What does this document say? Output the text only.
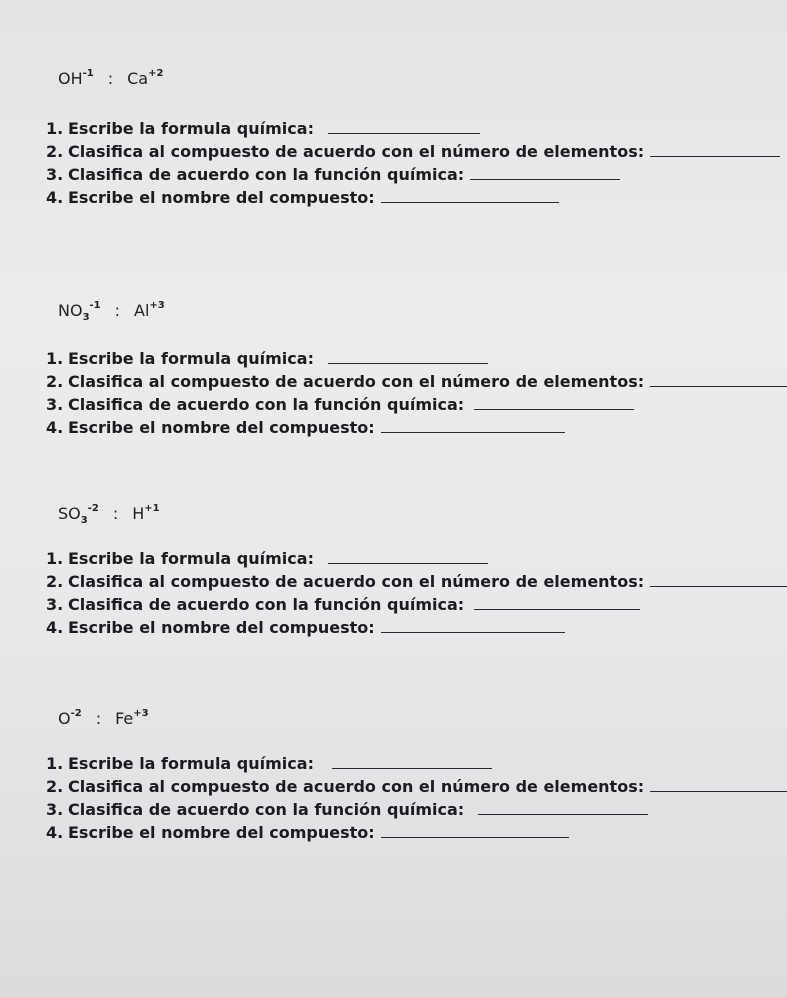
$OH^{-1}$ : $Ca^{+2}$
1. Escribe la formula química:
2. Clasifica al compuesto de acuerdo con el número de elementos:
3. Clasifica de acuerdo con la función química:
4. Escribe el nombre del compuesto:
$NO_3^{-1}$ : $Al^{+3}$
1. Escribe la formula química:
2. Clasifica al compuesto de acuerdo con el número de elementos:
3. Clasifica de acuerdo con la función química:
4. Escribe el nombre del compuesto:
$SO_3^{-2}$ : $H^{+1}$
1. Escribe la formula química:
2. Clasifica al compuesto de acuerdo con el número de elementos:
3. Clasifica de acuerdo con la función química:
4. Escribe el nombre del compuesto:
$O^{-2}$ : $Fe^{+3}$
1. Escribe la formula química:
2. Clasifica al compuesto de acuerdo con el número de elementos:
3. Clasifica de acuerdo con la función química:
4. Escribe el nombre del compuesto:
